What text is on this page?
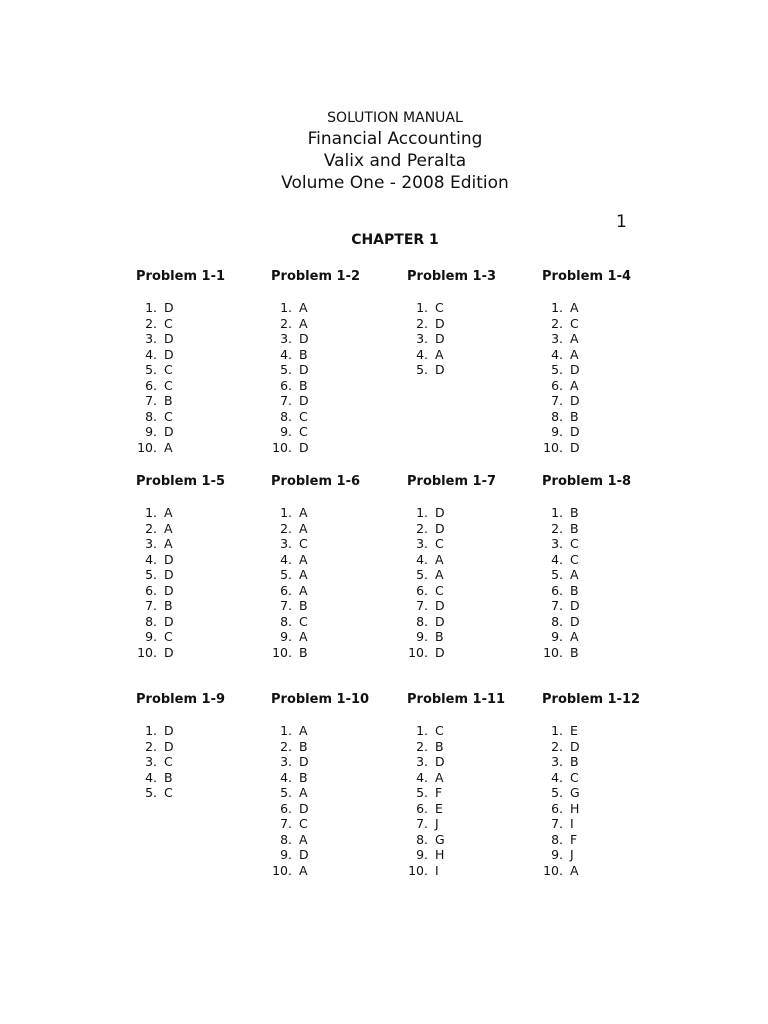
SOLUTION MANUAL
Financial Accounting
Valix and Peralta
Volume One - 2008 Edition
1
CHAPTER 1
Problem 1-1
1. D
2. C
3. D
4. D
5. C
6. C
7. B
8. C
9. D
10. A
Problem 1-2
1. A
2. A
3. D
4. B
5. D
6. B
7. D
8. C
9. C
10. D
Problem 1-3
1. C
2. D
3. D
4. A
5. D
Problem 1-4
1. A
2. C
3. A
4. A
5. D
6. A
7. D
8. B
9. D
10. D
Problem 1-5
1. A
2. A
3. A
4. D
5. D
6. D
7. B
8. D
9. C
10. D
Problem 1-6
1. A
2. A
3. C
4. A
5. A
6. A
7. B
8. C
9. A
10. B
Problem 1-7
1. D
2. D
3. C
4. A
5. A
6. C
7. D
8. D
9. B
10. D
Problem 1-8
1. B
2. B
3. C
4. C
5. A
6. B
7. D
8. D
9. A
10. B
Problem 1-9
1. D
2. D
3. C
4. B
5. C
Problem 1-10
1. A
2. B
3. D
4. B
5. A
6. D
7. C
8. A
9. D
10. A
Problem 1-11
1. C
2. B
3. D
4. A
5. F
6. E
7. J
8. G
9. H
10. I
Problem 1-12
1. E
2. D
3. B
4. C
5. G
6. H
7. I
8. F
9. J
10. A
